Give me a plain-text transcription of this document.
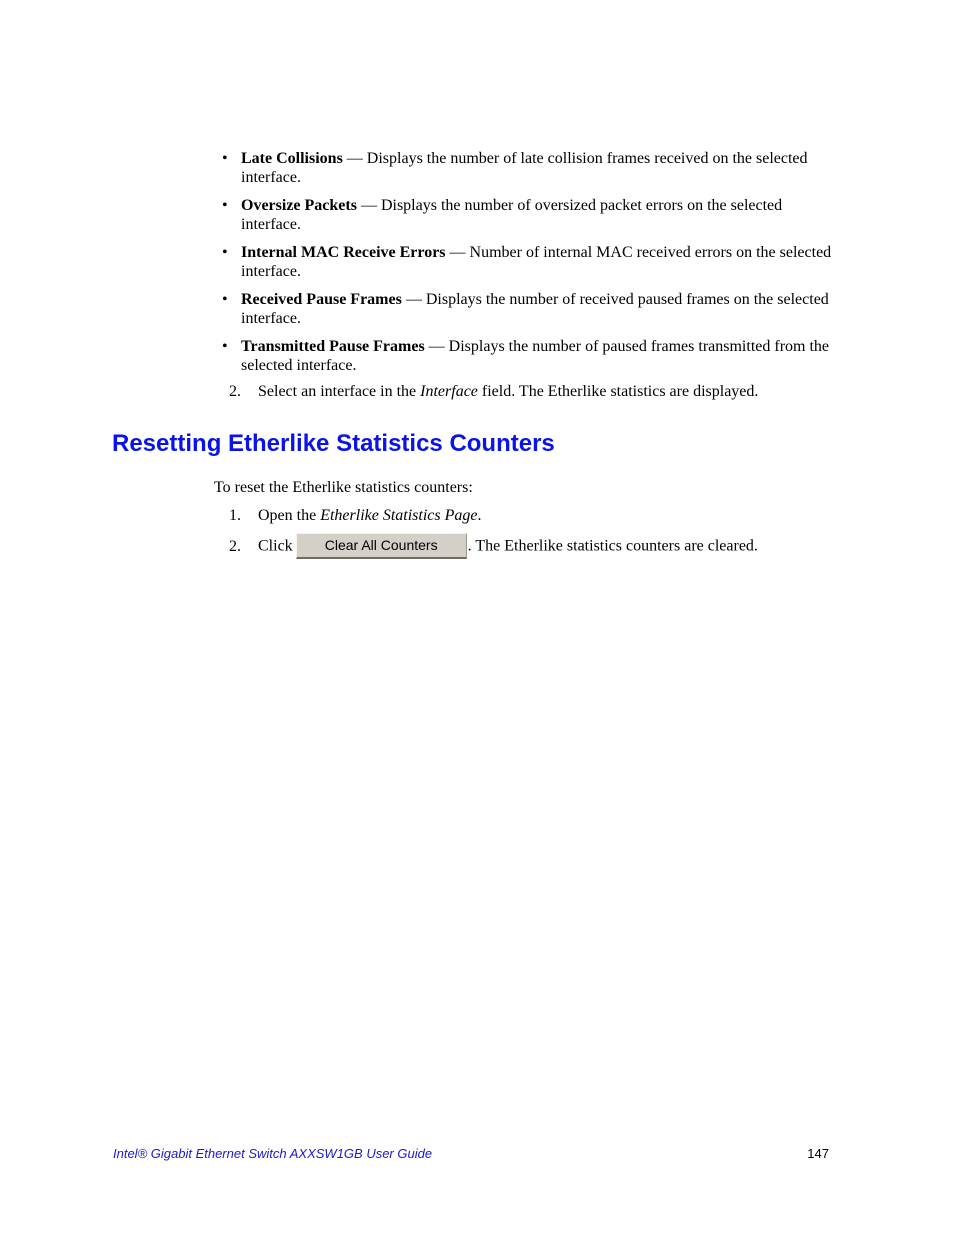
• Late Collisions — Displays the number of late collision frames received on the selected interface.
• Oversize Packets — Displays the number of oversized packet errors on the selected interface.
• Internal MAC Receive Errors — Number of internal MAC received errors on the selected interface.
• Received Pause Frames — Displays the number of received paused frames on the selected interface.
• Transmitted Pause Frames — Displays the number of paused frames transmitted from the selected interface.
2. Select an interface in the Interface field. The Etherlike statistics are displayed.
Resetting Etherlike Statistics Counters
To reset the Etherlike statistics counters:
1. Open the Etherlike Statistics Page.
2. Click Clear All Counters . The Etherlike statistics counters are cleared.
Intel® Gigabit Ethernet Switch AXXSW1GB User Guide	147
